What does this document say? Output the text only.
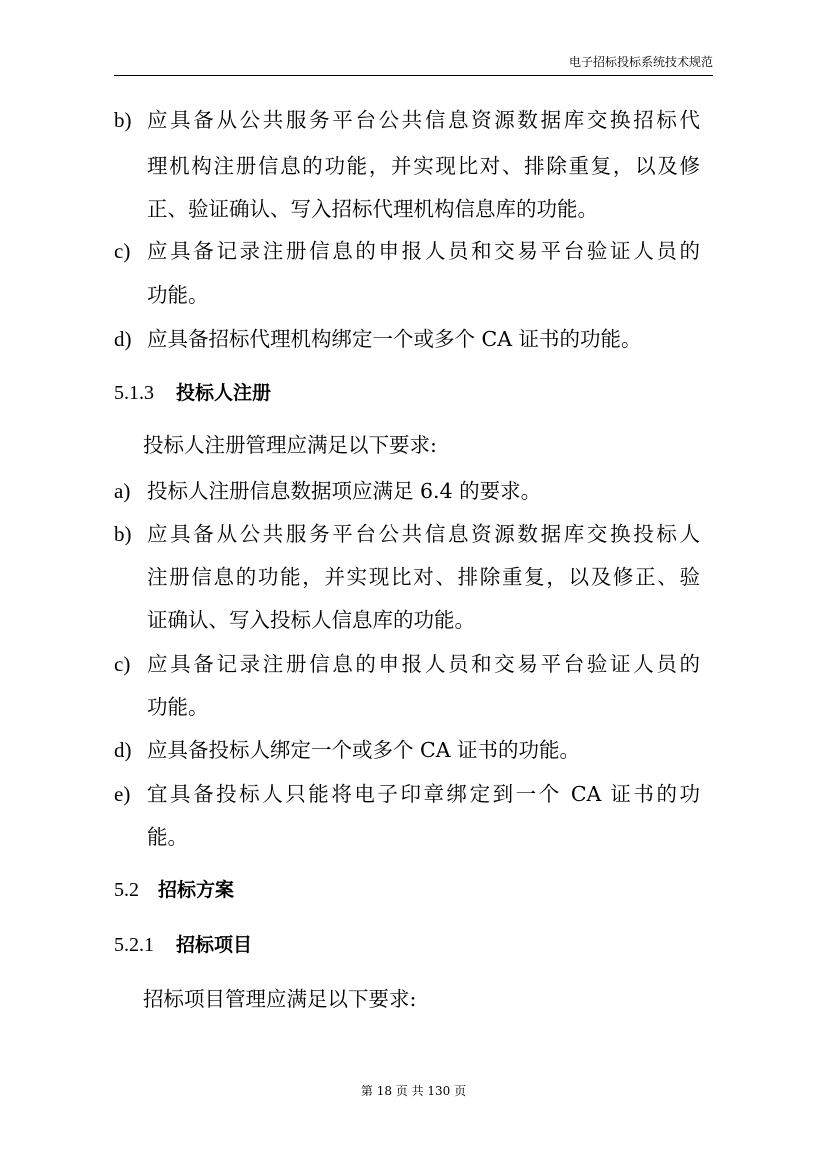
电子招标投标系统技术规范
b) 应具备从公共服务平台公共信息资源数据库交换招标代
理机构注册信息的功能，并实现比对、排除重复，以及修
正、验证确认、写入招标代理机构信息库的功能。
c) 应具备记录注册信息的申报人员和交易平台验证人员的
功能。
d) 应具备招标代理机构绑定一个或多个 CA 证书的功能。
5.1.3 投标人注册
投标人注册管理应满足以下要求:
a) 投标人注册信息数据项应满足 6.4 的要求。
b) 应具备从公共服务平台公共信息资源数据库交换投标人
注册信息的功能，并实现比对、排除重复，以及修正、验
证确认、写入投标人信息库的功能。
c) 应具备记录注册信息的申报人员和交易平台验证人员的
功能。
d) 应具备投标人绑定一个或多个 CA 证书的功能。
e) 宜具备投标人只能将电子印章绑定到一个 CA 证书的功
能。
5.2 招标方案
5.2.1 招标项目
招标项目管理应满足以下要求:
第 18 页 共 130 页
